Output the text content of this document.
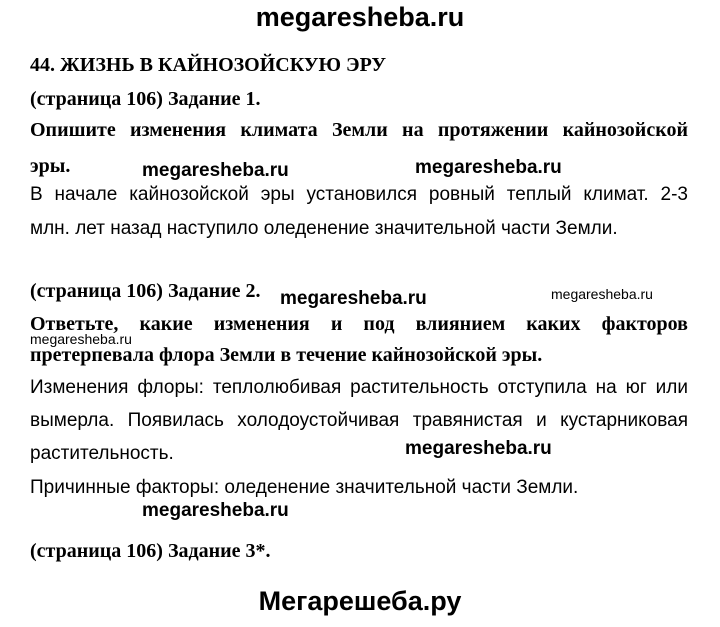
megaresheba.ru
44. ЖИЗНЬ В КАЙНОЗОЙСКУЮ ЭРУ
(страница 106) Задание 1.
Опишите изменения климата Земли на протяжении кайнозойской
эры.
В начале кайнозойской эры установился ровный теплый климат. 2-3
млн. лет назад наступило оледенение значительной части Земли.
megaresheba.ru	megaresheba.ru
(страница 106) Задание 2. megaresheba.ru	megaresheba.ru
Ответьте, какие изменения и под влиянием каких факторов
megaresheba.ru
претерпевала флора Земли в течение кайнозойской эры.
Изменения флоры: теплолюбивая растительность отступила на юг или
вымерла. Появилась холодоустойчивая травянистая и кустарниковая
растительность.	megaresheba.ru
Причинные факторы: оледенение значительной части Земли.
megaresheba.ru
(страница 106) Задание 3*.
Мегарешеба.ру
